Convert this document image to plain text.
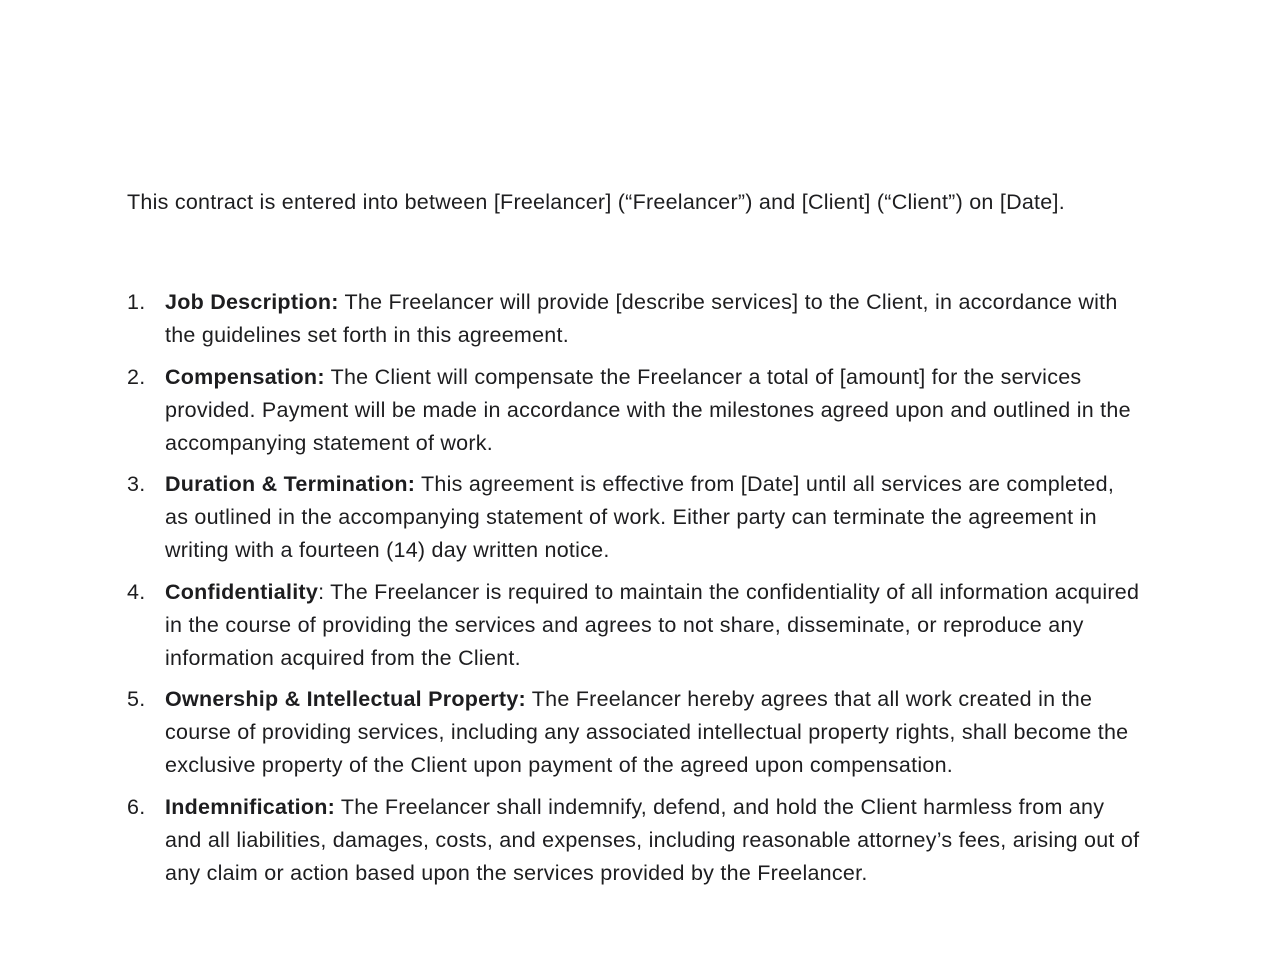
This contract is entered into between [Freelancer] (“Freelancer”) and [Client] (“Client”) on [Date].

1. Job Description: The Freelancer will provide [describe services] to the Client, in accordance with the guidelines set forth in this agreement.
2. Compensation: The Client will compensate the Freelancer a total of [amount] for the services provided. Payment will be made in accordance with the milestones agreed upon and outlined in the accompanying statement of work.
3. Duration & Termination: This agreement is effective from [Date] until all services are completed, as outlined in the accompanying statement of work. Either party can terminate the agreement in writing with a fourteen (14) day written notice.
4. Confidentiality: The Freelancer is required to maintain the confidentiality of all information acquired in the course of providing the services and agrees to not share, disseminate, or reproduce any information acquired from the Client.
5. Ownership & Intellectual Property: The Freelancer hereby agrees that all work created in the course of providing services, including any associated intellectual property rights, shall become the exclusive property of the Client upon payment of the agreed upon compensation.
6. Indemnification: The Freelancer shall indemnify, defend, and hold the Client harmless from any and all liabilities, damages, costs, and expenses, including reasonable attorney’s fees, arising out of any claim or action based upon the services provided by the Freelancer.
